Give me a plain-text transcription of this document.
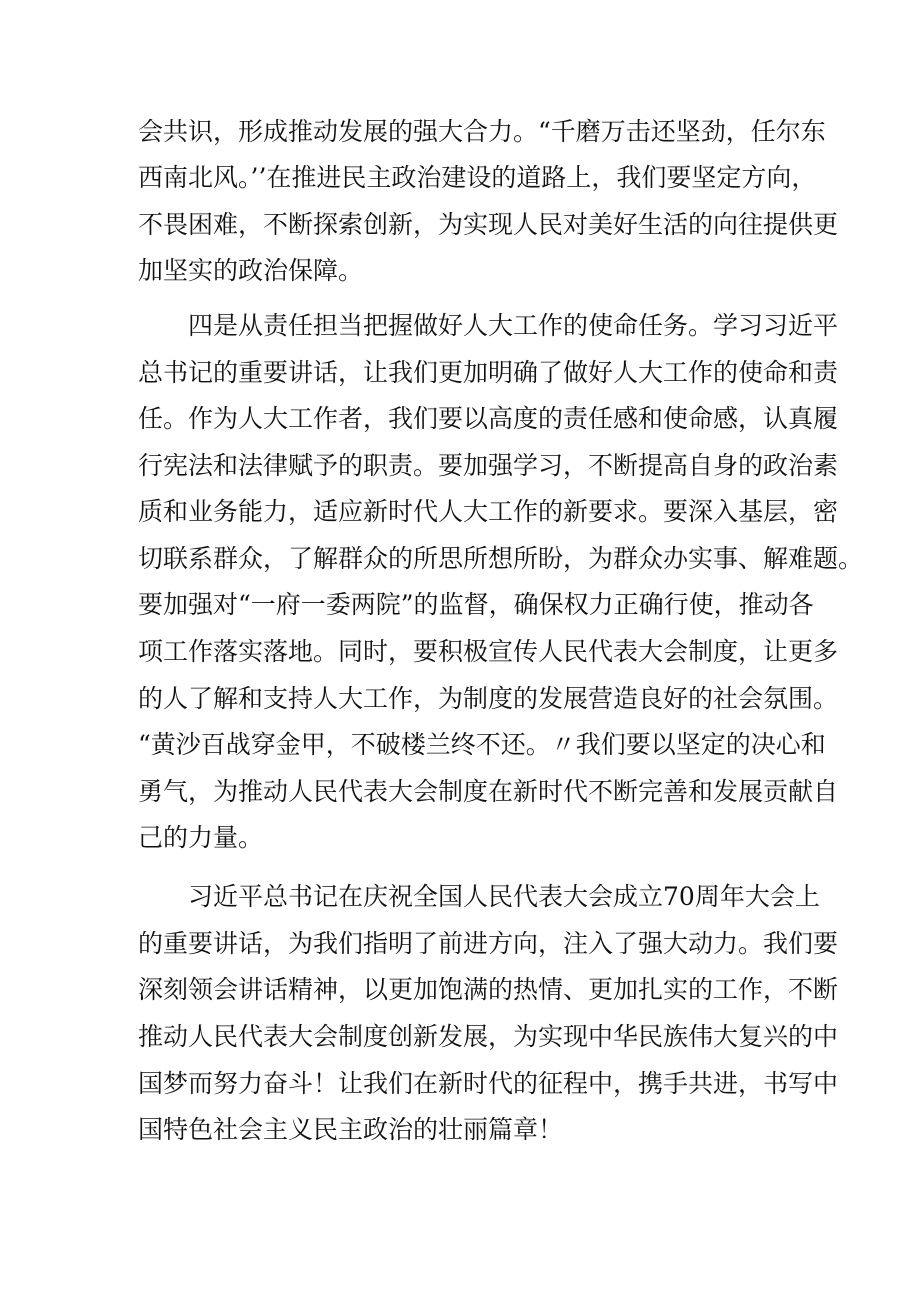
会共识，形成推动发展的强大合力。“千磨万击还坚劲，任尔东

西南北风。’’在推进民主政治建设的道路上，我们要坚定方向，

不畏困难，不断探索创新，为实现人民对美好生活的向往提供更

加坚实的政治保障。

四是从责任担当把握做好人大工作的使命任务。学习习近平

总书记的重要讲话，让我们更加明确了做好人大工作的使命和责

任。作为人大工作者，我们要以高度的责任感和使命感，认真履

行宪法和法律赋予的职责。要加强学习，不断提高自身的政治素

质和业务能力，适应新时代人大工作的新要求。要深入基层，密

切联系群众，了解群众的所思所想所盼，为群众办实事、解难题。

要加强对“一府一委两院”的监督，确保权力正确行使，推动各

项工作落实落地。同时，要积极宣传人民代表大会制度，让更多

的人了解和支持人大工作，为制度的发展营造良好的社会氛围。

“黄沙百战穿金甲，不破楼兰终不还。〃我们要以坚定的决心和

勇气，为推动人民代表大会制度在新时代不断完善和发展贡献自

己的力量。

习近平总书记在庆祝全国人民代表大会成立70周年大会上

的重要讲话，为我们指明了前进方向，注入了强大动力。我们要

深刻领会讲话精神，以更加饱满的热情、更加扎实的工作，不断

推动人民代表大会制度创新发展，为实现中华民族伟大复兴的中

国梦而努力奋斗！让我们在新时代的征程中，携手共进，书写中

国特色社会主义民主政治的壮丽篇章！
